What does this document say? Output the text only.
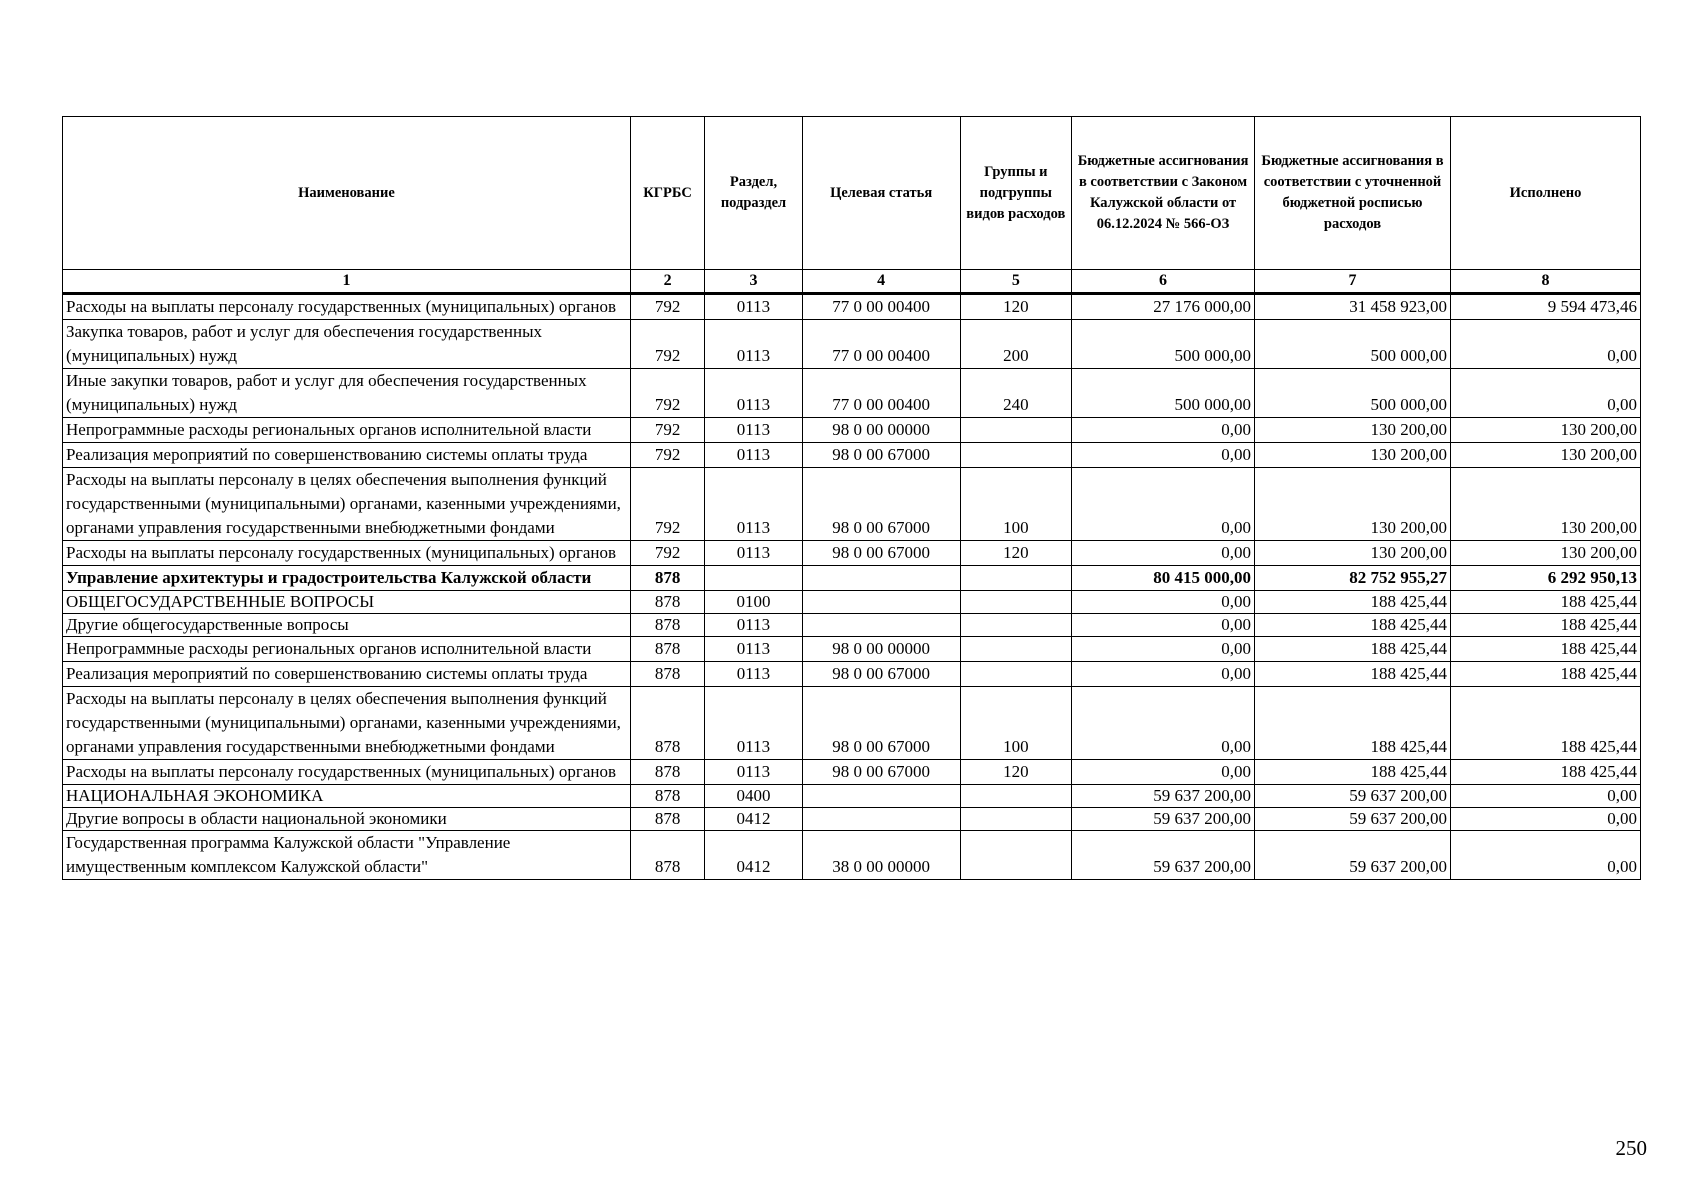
Наименование	КГРБС	Раздел, подраздел	Целевая статья	Группы и подгруппы видов расходов	Бюджетные ассигнования в соответствии с Законом Калужской области от 06.12.2024 № 566-ОЗ	Бюджетные ассигнования в соответствии с уточненной бюджетной росписью расходов	Исполнено
1	2	3	4	5	6	7	8
Расходы на выплаты персоналу государственных (муниципальных) органов	792	0113	77 0 00 00400	120	27 176 000,00	31 458 923,00	9 594 473,46
Закупка товаров, работ и услуг для обеспечения государственных (муниципальных) нужд	792	0113	77 0 00 00400	200	500 000,00	500 000,00	0,00
Иные закупки товаров, работ и услуг для обеспечения государственных (муниципальных) нужд	792	0113	77 0 00 00400	240	500 000,00	500 000,00	0,00
Непрограммные расходы региональных органов исполнительной власти	792	0113	98 0 00 00000		0,00	130 200,00	130 200,00
Реализация мероприятий по совершенствованию системы оплаты труда	792	0113	98 0 00 67000		0,00	130 200,00	130 200,00
Расходы на выплаты персоналу в целях обеспечения выполнения функций государственными (муниципальными) органами, казенными учреждениями, органами управления государственными внебюджетными фондами	792	0113	98 0 00 67000	100	0,00	130 200,00	130 200,00
Расходы на выплаты персоналу государственных (муниципальных) органов	792	0113	98 0 00 67000	120	0,00	130 200,00	130 200,00
Управление архитектуры и градостроительства Калужской области	878				80 415 000,00	82 752 955,27	6 292 950,13
ОБЩЕГОСУДАРСТВЕННЫЕ ВОПРОСЫ	878	0100			0,00	188 425,44	188 425,44
Другие общегосударственные вопросы	878	0113			0,00	188 425,44	188 425,44
Непрограммные расходы региональных органов исполнительной власти	878	0113	98 0 00 00000		0,00	188 425,44	188 425,44
Реализация мероприятий по совершенствованию системы оплаты труда	878	0113	98 0 00 67000		0,00	188 425,44	188 425,44
Расходы на выплаты персоналу в целях обеспечения выполнения функций государственными (муниципальными) органами, казенными учреждениями, органами управления государственными внебюджетными фондами	878	0113	98 0 00 67000	100	0,00	188 425,44	188 425,44
Расходы на выплаты персоналу государственных (муниципальных) органов	878	0113	98 0 00 67000	120	0,00	188 425,44	188 425,44
НАЦИОНАЛЬНАЯ ЭКОНОМИКА	878	0400			59 637 200,00	59 637 200,00	0,00
Другие вопросы в области национальной экономики	878	0412			59 637 200,00	59 637 200,00	0,00
Государственная программа Калужской области "Управление имущественным комплексом Калужской области"	878	0412	38 0 00 00000		59 637 200,00	59 637 200,00	0,00
250
